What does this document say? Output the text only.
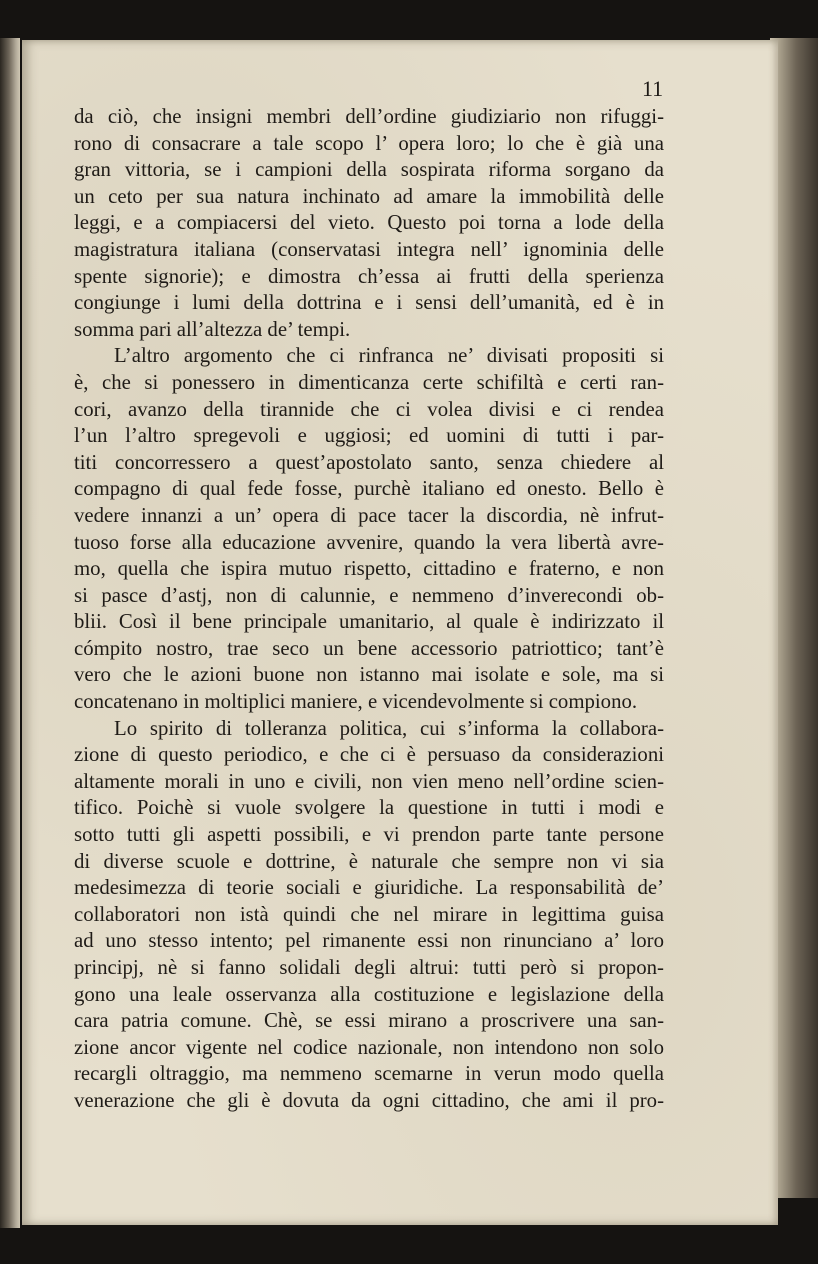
11
da ciò, che insigni membri dell’ordine giudiziario non rifuggi-
rono di consacrare a tale scopo l’ opera loro; lo che è già una
gran vittoria, se i campioni della sospirata riforma sorgano da
un ceto per sua natura inchinato ad amare la immobilità delle
leggi, e a compiacersi del vieto. Questo poi torna a lode della
magistratura italiana (conservatasi integra nell’ ignominia delle
spente signorie); e dimostra ch’essa ai frutti della sperienza
congiunge i lumi della dottrina e i sensi dell’umanità, ed è in
somma pari all’altezza de’ tempi.
L’altro argomento che ci rinfranca ne’ divisati propositi si
è, che si ponessero in dimenticanza certe schifiltà e certi ran-
cori, avanzo della tirannide che ci volea divisi e ci rendea
l’un l’altro spregevoli e uggiosi; ed uomini di tutti i par-
titi concorressero a quest’apostolato santo, senza chiedere al
compagno di qual fede fosse, purchè italiano ed onesto. Bello è
vedere innanzi a un’ opera di pace tacer la discordia, nè infrut-
tuoso forse alla educazione avvenire, quando la vera libertà avre-
mo, quella che ispira mutuo rispetto, cittadino e fraterno, e non
si pasce d’astj, non di calunnie, e nemmeno d’inverecondi ob-
blii. Così il bene principale umanitario, al quale è indirizzato il
cómpito nostro, trae seco un bene accessorio patriottico; tant’è
vero che le azioni buone non istanno mai isolate e sole, ma si
concatenano in moltiplici maniere, e vicendevolmente si compiono.
Lo spirito di tolleranza politica, cui s’informa la collabora-
zione di questo periodico, e che ci è persuaso da considerazioni
altamente morali in uno e civili, non vien meno nell’ordine scien-
tifico. Poichè si vuole svolgere la questione in tutti i modi e
sotto tutti gli aspetti possibili, e vi prendon parte tante persone
di diverse scuole e dottrine, è naturale che sempre non vi sia
medesimezza di teorie sociali e giuridiche. La responsabilità de’
collaboratori non istà quindi che nel mirare in legittima guisa
ad uno stesso intento; pel rimanente essi non rinunciano a’ loro
principj, nè si fanno solidali degli altrui: tutti però si propon-
gono una leale osservanza alla costituzione e legislazione della
cara patria comune. Chè, se essi mirano a proscrivere una san-
zione ancor vigente nel codice nazionale, non intendono non solo
recargli oltraggio, ma nemmeno scemarne in verun modo quella
venerazione che gli è dovuta da ogni cittadino, che ami il pro-
